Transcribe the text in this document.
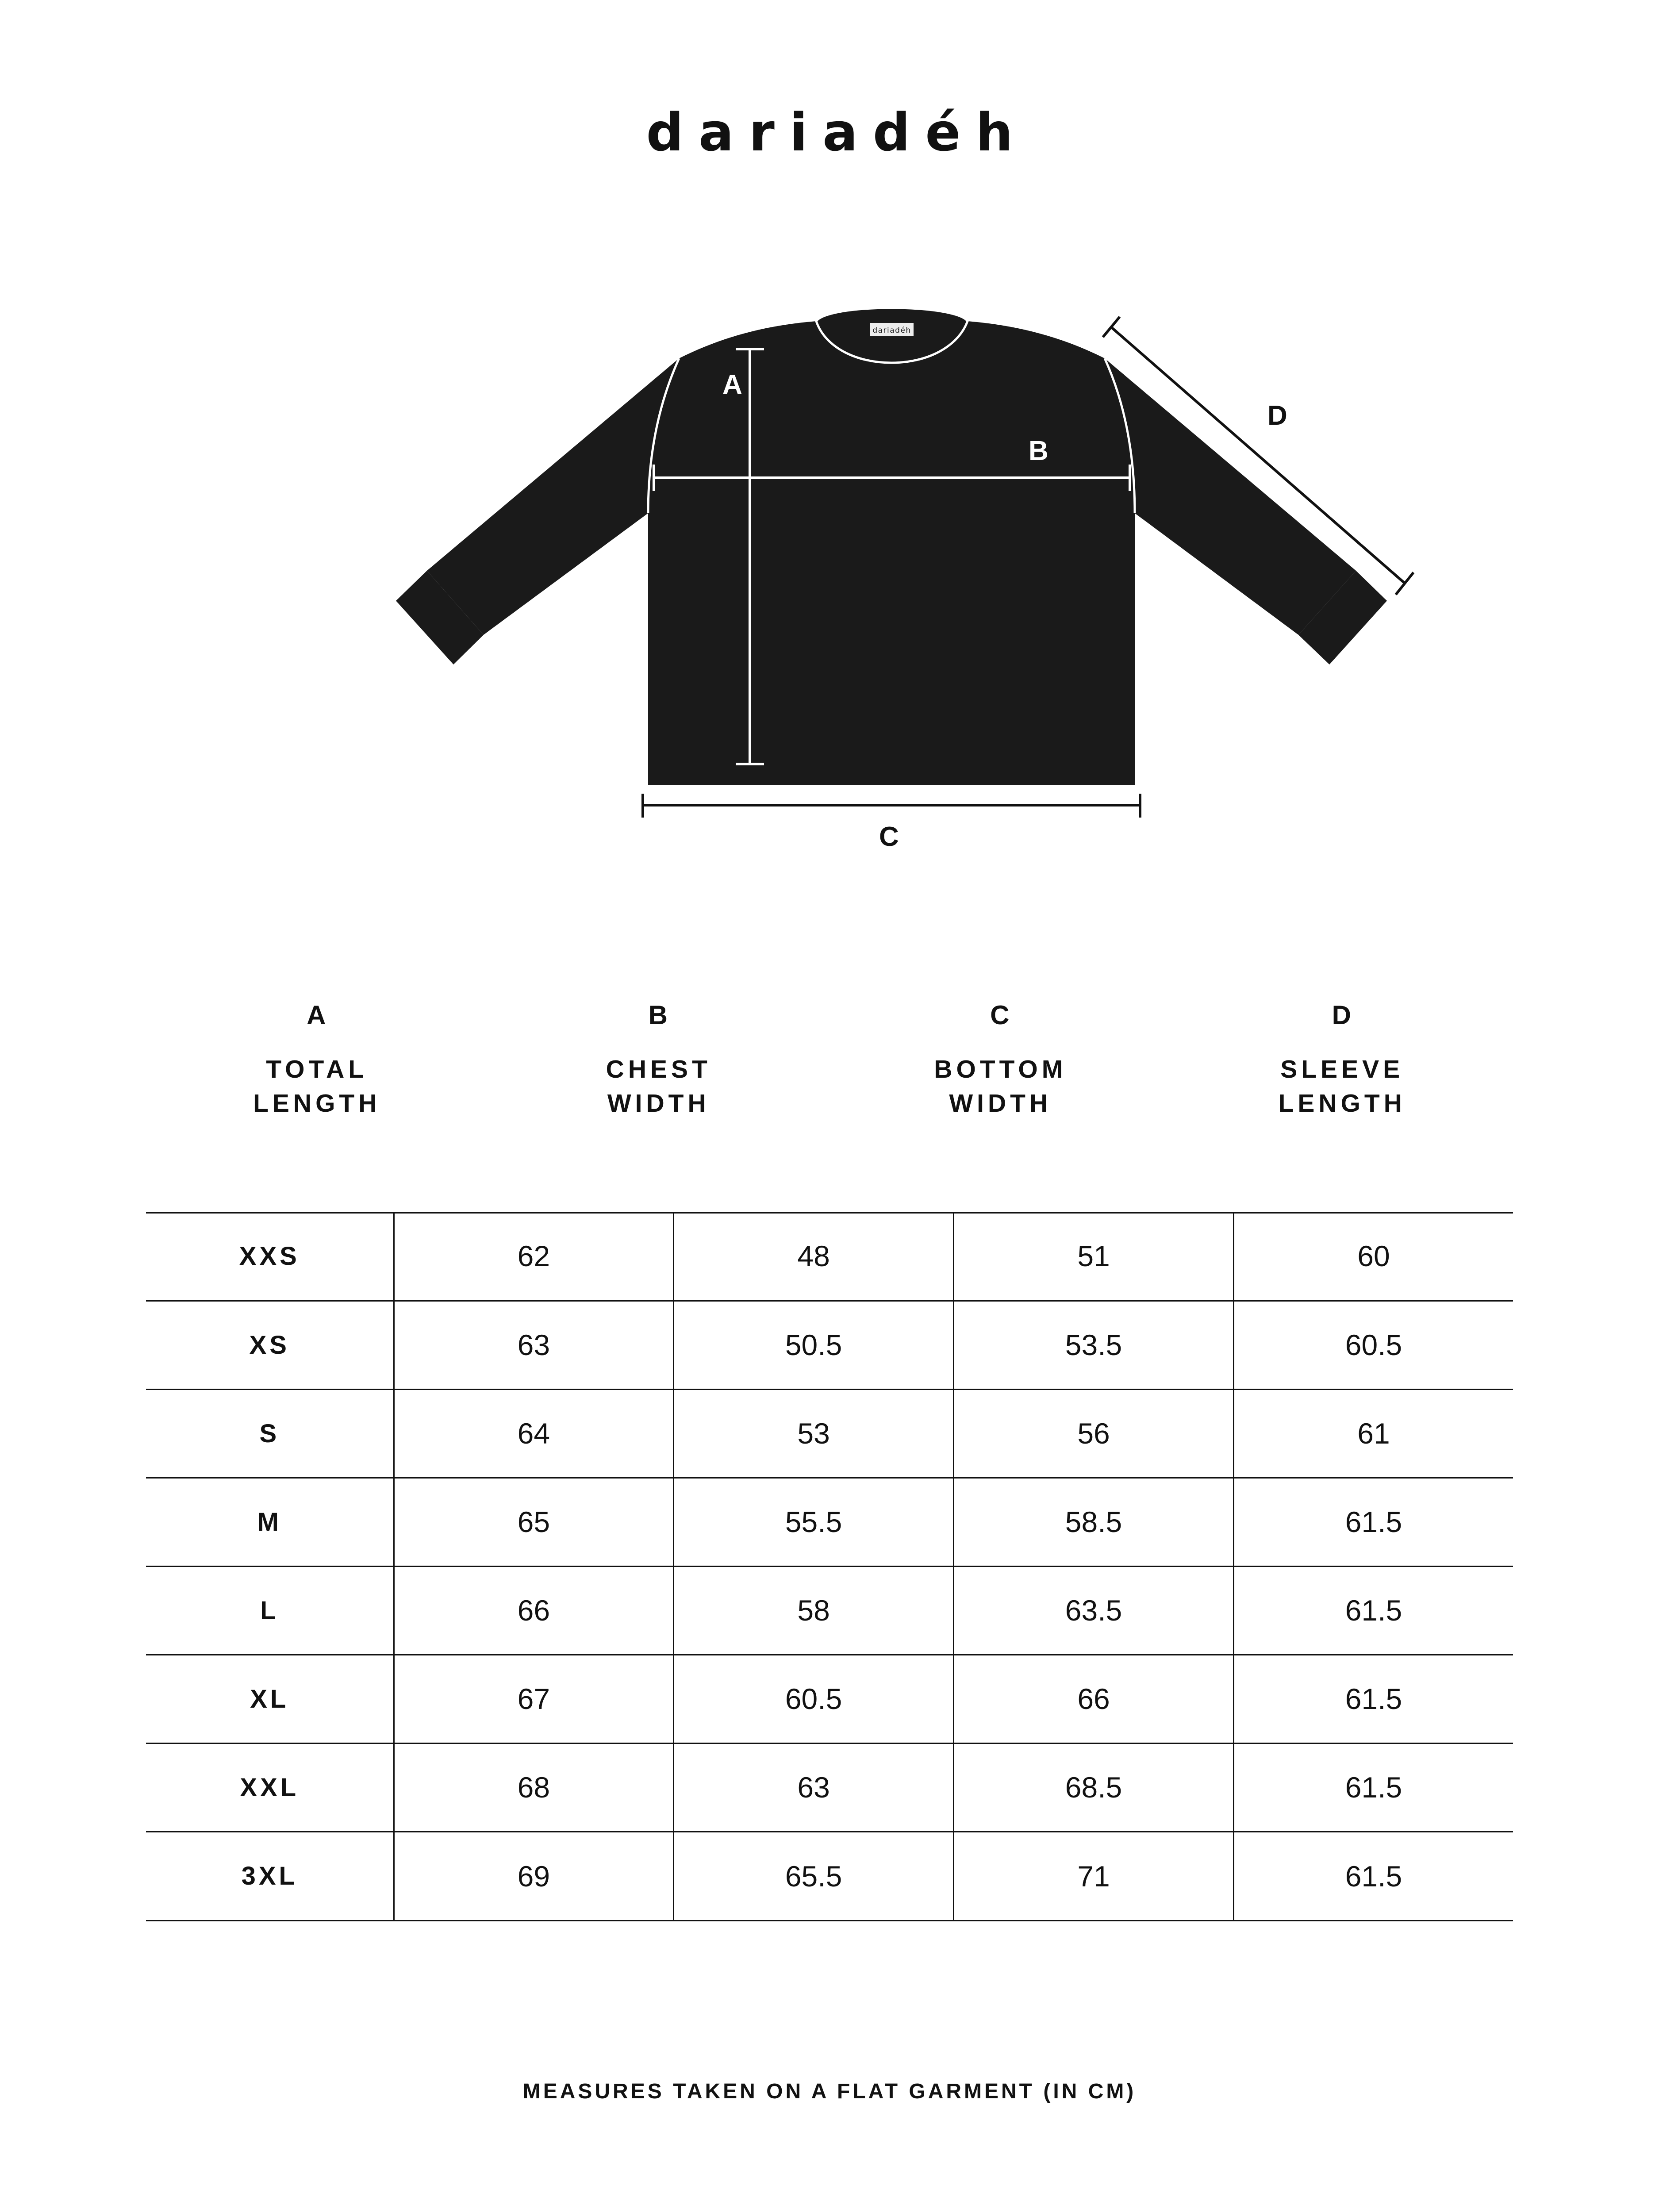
dariadéh
dariadéh
A
B
C
D
A
TOTAL
LENGTH
B
CHEST
WIDTH
C
BOTTOM
WIDTH
D
SLEEVE
LENGTH
XXS	62	48	51	60
XS	63	50.5	53.5	60.5
S	64	53	56	61
M	65	55.5	58.5	61.5
L	66	58	63.5	61.5
XL	67	60.5	66	61.5
XXL	68	63	68.5	61.5
3XL	69	65.5	71	61.5
MEASURES TAKEN ON A FLAT GARMENT (IN CM)
